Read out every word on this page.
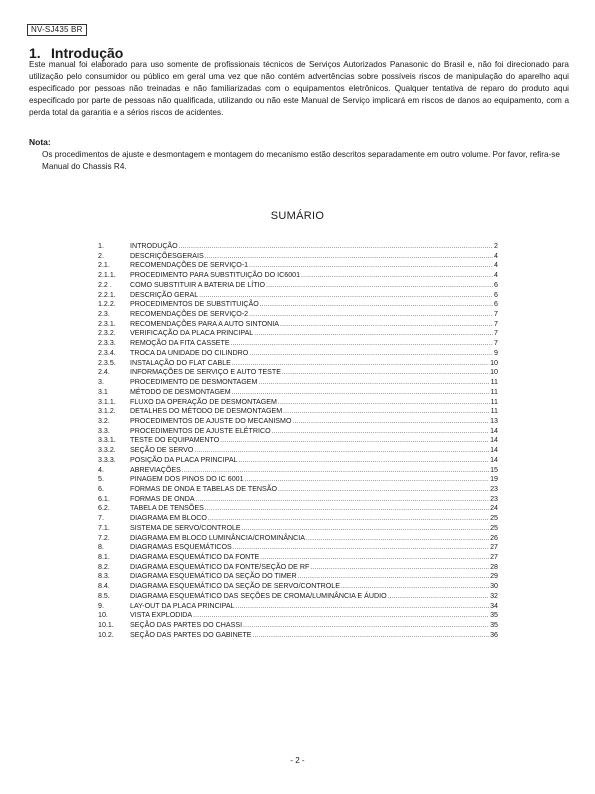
NV-SJ435 BR
1. Introdução

Este manual foi elaborado para uso somente de profissionais técnicos de Serviços Autorizados Panasonic do Brasil e, não foi direcionado para utilização pelo consumidor ou público em geral uma vez que não contém advertências sobre possíveis riscos de manipulação do aparelho aqui especificado por pessoas não treinadas e não familiarizadas com o equipamentos eletrônicos. Qualquer tentativa de reparo do produto aqui especificado por parte de pessoas não qualificada, utilizando ou não este Manual de Serviço implicará em riscos de danos ao equipamento, com a perda total da garantia e a sérios riscos de acidentes.

Nota:

Os procedimentos de ajuste e desmontagem e montagem do mecanismo estão descritos separadamente em outro volume. Por favor, refira-se Manual do Chassis R4.

SUMÁRIO
1.	INTRODUÇÃO .....	2
2.	DESCRIÇÕESGERAIS .....	4
2.1.	RECOMENDAÇÕES DE SERVIÇO-1 .....	4
2.1.1.	PROCEDIMENTO PARA SUBSTITUIÇÃO DO IC6001 .....	4
2.2 .	COMO SUBSTITUIR A BATERIA DE LÍTIO .....	6
2.2.1.	DESCRIÇÃO GERAL .....	6
1.2.2.	PROCEDIMENTOS DE SUBSTITUIÇÃO .....	6
2.3.	RECOMENDAÇÕES DE SERVIÇO-2 .....	7
2.3.1.	RECOMENDAÇÕES PARA A AUTO SINTONIA .....	7
2.3.2.	VERIFICAÇÃO DA PLACA PRINCIPAL .....	7
2.3.3.	REMOÇÃO DA FITA CASSETE .....	7
2.3.4.	TROCA DA UNIDADE DO CILINDRO .....	9
2.3.5.	INSTALAÇÃO DO FLAT CABLE .....	10
2.4.	INFORMAÇÕES DE SERVIÇO E AUTO TESTE .....	10
3.	PROCEDIMENTO DE DESMONTAGEM .....	11
3.1	MÉTODO DE DESMONTAGEM .....	11
3.1.1.	FLUXO DA OPERAÇÃO DE DESMONTAGEM .....	11
3.1.2.	DETALHES DO MÉTODO DE DESMONTAGEM .....	11
3.2.	PROCEDIMENTOS DE AJUSTE DO MECANISMO .....	13
3.3.	PROCEDIMENTOS DE AJUSTE ELÉTRICO .....	14
3.3.1.	TESTE DO EQUIPAMENTO .....	14
3.3.2.	SEÇÃO DE SERVO .....	14
3.3.3.	POSIÇÃO DA PLACA PRINCIPAL .....	14
4.	ABREVIAÇÕES .....	15
5.	PINAGEM DOS PINOS DO IC 6001 .....	19
6.	FORMAS DE ONDA E TABELAS DE TENSÃO .....	23
6.1.	FORMAS DE ONDA .....	23
6.2.	TABELA DE TENSÕES .....	24
7.	DIAGRAMA EM BLOCO .....	25
7.1.	SISTEMA DE SERVO/CONTROLE .....	25
7.2.	DIAGRAMA EM BLOCO LUMINÂNCIA/CROMINÂNCIA .....	26
8.	DIAGRAMAS ESQUEMÁTICOS .....	27
8.1.	DIAGRAMA ESQUEMÁTICO DA FONTE .....	27
8.2.	DIAGRAMA ESQUEMÁTICO DA FONTE/SEÇÃO DE RF .....	28
8.3.	DIAGRAMA ESQUEMÁTICO DA SEÇÃO DO TIMER .....	29
8.4.	DIAGRAMA ESQUEMÁTICO DA SEÇÃO DE SERVO/CONTROLE .....	30
8.5.	DIAGRAMA ESQUEMÁTICO DAS SEÇÕES DE CROMA/LUMINÂNCIA E ÁUDIO .....	32
9.	LAY-OUT DA PLACA PRINCIPAL .....	34
10.	VISTA EXPLODIDA .....	35
10.1.	SEÇÃO DAS PARTES DO CHASSI .....	35
10.2.	SEÇÃO DAS PARTES DO GABINETE .....	36
- 2 -
